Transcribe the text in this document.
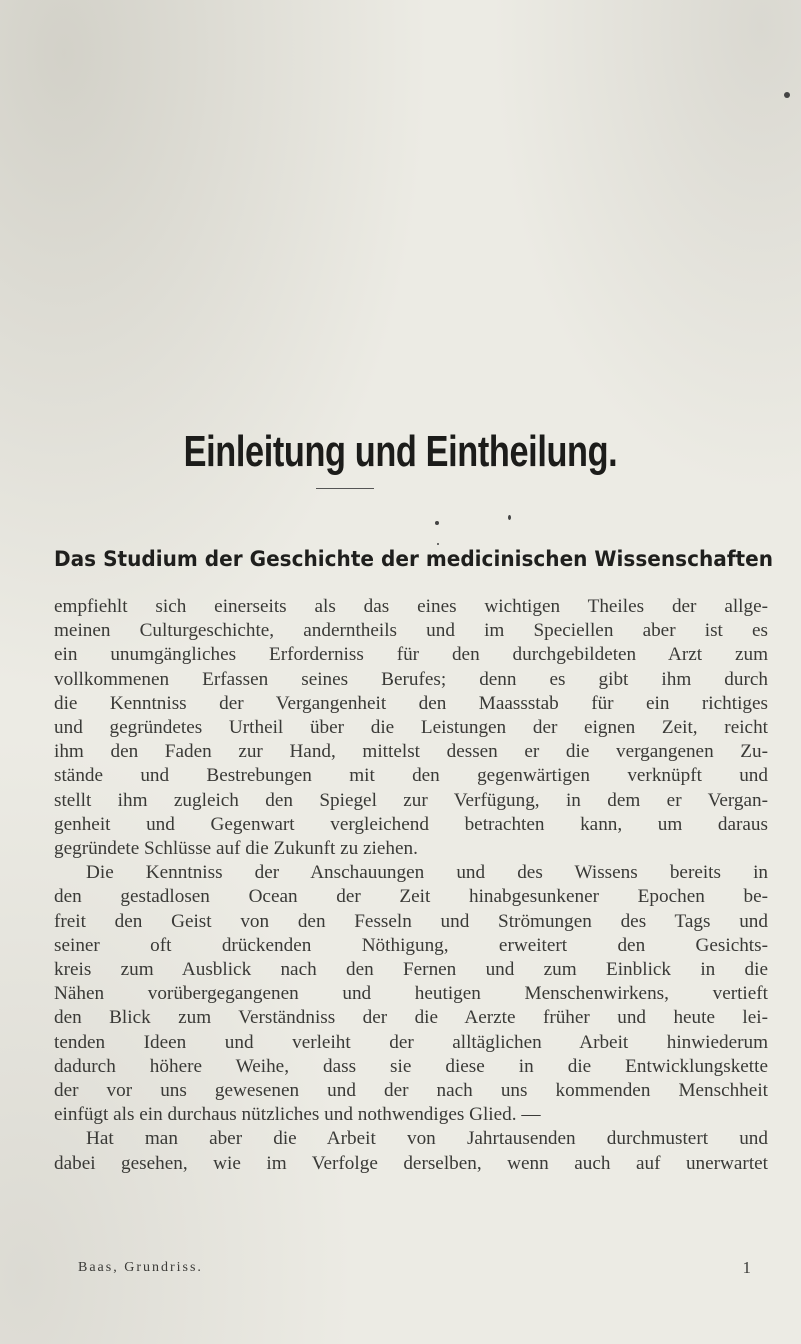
Einleitung und Eintheilung.
Das Studium der Geschichte der medicinischen Wissenschaften
empfiehlt sich einerseits als das eines wichtigen Theiles der allge-
meinen Culturgeschichte, anderntheils und im Speciellen aber ist es
ein unumgängliches Erforderniss für den durchgebildeten Arzt zum
vollkommenen Erfassen seines Berufes; denn es gibt ihm durch
die Kenntniss der Vergangenheit den Maassstab für ein richtiges
und gegründetes Urtheil über die Leistungen der eignen Zeit, reicht
ihm den Faden zur Hand, mittelst dessen er die vergangenen Zu-
stände und Bestrebungen mit den gegenwärtigen verknüpft und
stellt ihm zugleich den Spiegel zur Verfügung, in dem er Vergan-
genheit und Gegenwart vergleichend betrachten kann, um daraus
gegründete Schlüsse auf die Zukunft zu ziehen.
Die Kenntniss der Anschauungen und des Wissens bereits in
den gestadlosen Ocean der Zeit hinabgesunkener Epochen be-
freit den Geist von den Fesseln und Strömungen des Tags und
seiner oft drückenden Nöthigung, erweitert den Gesichts-
kreis zum Ausblick nach den Fernen und zum Einblick in die
Nähen vorübergegangenen und heutigen Menschenwirkens, vertieft
den Blick zum Verständniss der die Aerzte früher und heute lei-
tenden Ideen und verleiht der alltäglichen Arbeit hinwiederum
dadurch höhere Weihe, dass sie diese in die Entwicklungskette
der vor uns gewesenen und der nach uns kommenden Menschheit
einfügt als ein durchaus nützliches und nothwendiges Glied. —
Hat man aber die Arbeit von Jahrtausenden durchmustert und
dabei gesehen, wie im Verfolge derselben, wenn auch auf unerwartet
Baas, Grundriss.	1
